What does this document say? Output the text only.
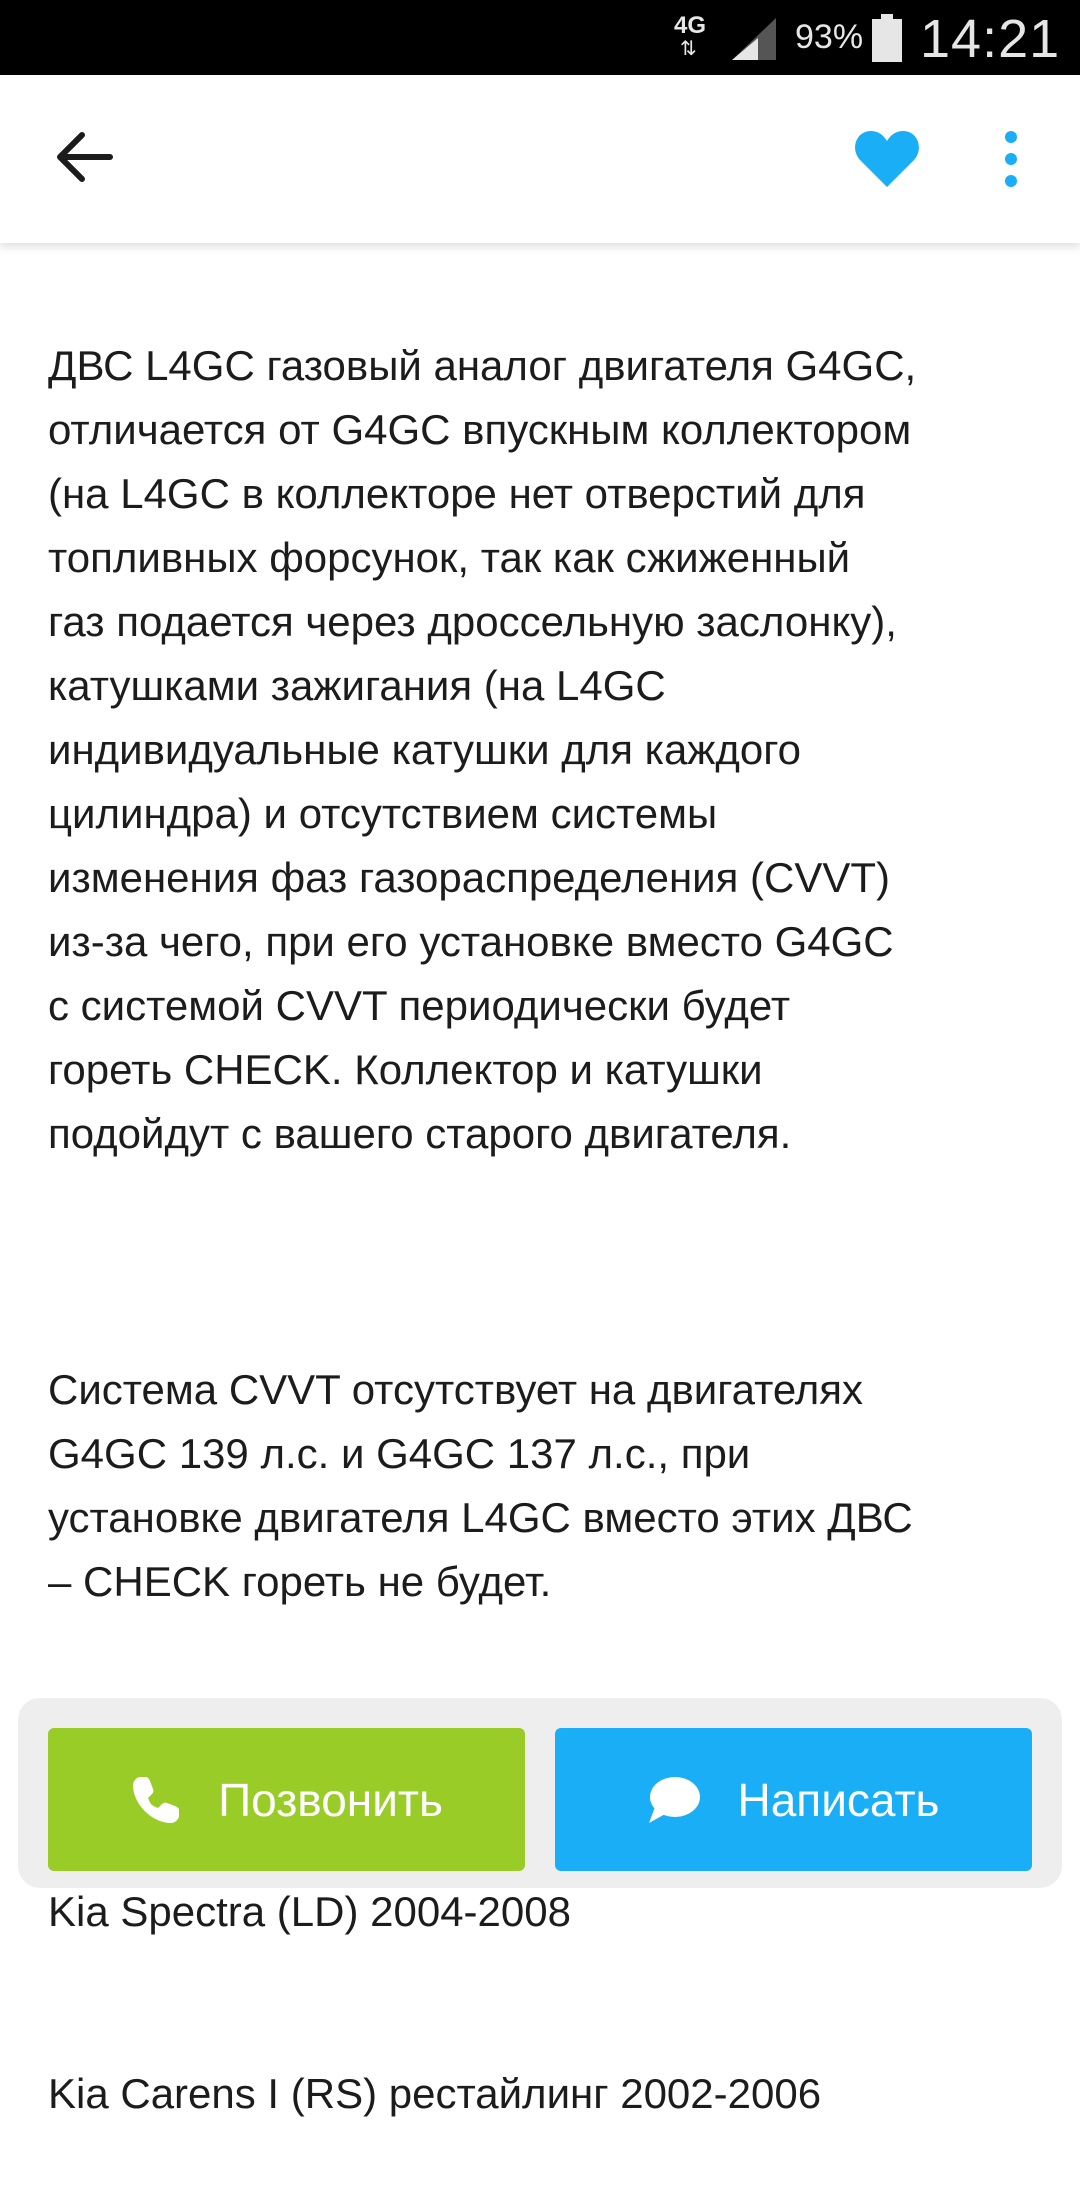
4G
⇅	93% 14:21

ДВС L4GC газовый аналог двигателя G4GC,
отличается от G4GC впускным коллектором
(на L4GC в коллекторе нет отверстий для
топливных форсунок, так как сжиженный
газ подается через дроссельную заслонку),
катушками зажигания (на L4GC
индивидуальные катушки для каждого
цилиндра) и отсутствием системы
изменения фаз газораспределения (CVVT)
из-за чего, при его установке вместо G4GC
с системой CVVT периодически будет
гореть CHECK. Коллектор и катушки
подойдут с вашего старого двигателя.

Система CVVT отсутствует на двигателях
G4GC 139 л.с. и G4GC 137 л.с., при
установке двигателя L4GC вместо этих ДВС
– CHECK гореть не будет.

Kia Carens I (RS) рестайлинг 2002-2006

Kia Spectra (LD) 2004-2008
Позвонить	Написать
